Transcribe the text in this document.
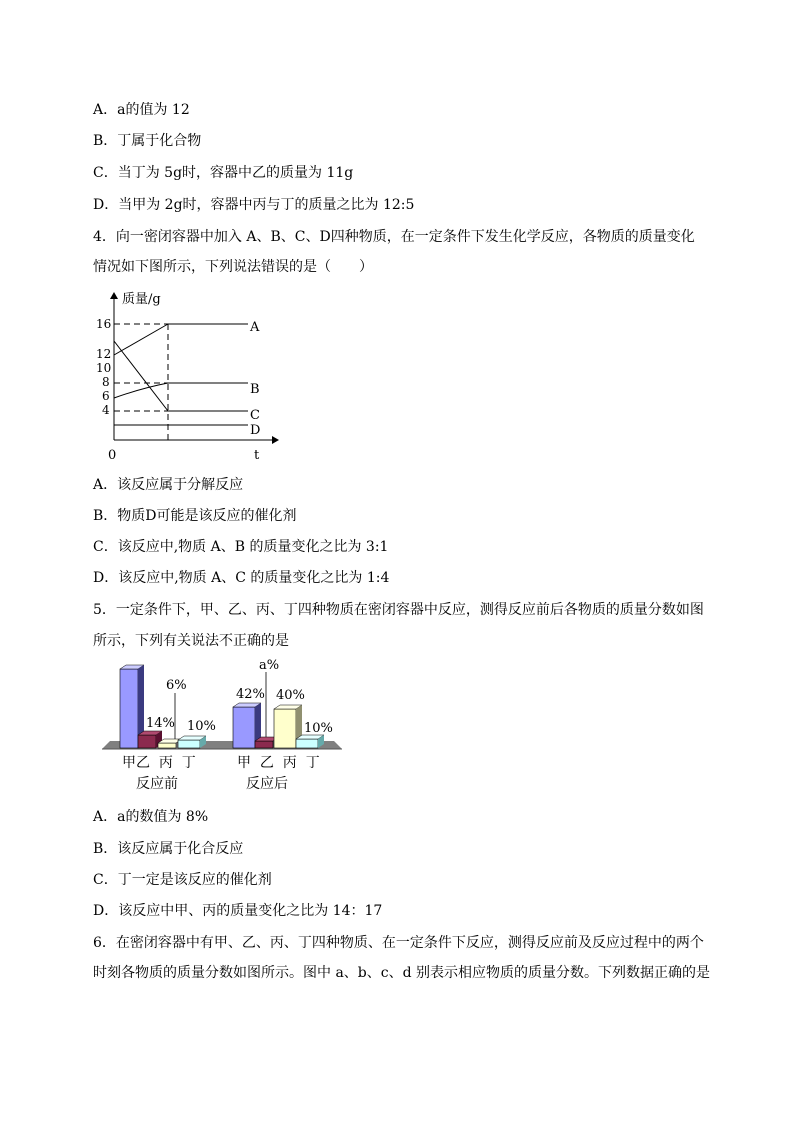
A．a的值为 12
B．丁属于化合物
C．当丁为 5g时，容器中乙的质量为 11g
D．当甲为 2g时，容器中丙与丁的质量之比为 12:5
4．向一密闭容器中加入 A、B、C、D四种物质，在一定条件下发生化学反应，各物质的质量变化
情况如下图所示，下列说法错误的是（　　）
质量/g
t
0
16
12
10
8
6
4
A
B
C
D
A．该反应属于分解反应
B．物质D可能是该反应的催化剂
C．该反应中,物质 A、B 的质量变化之比为 3:1
D．该反应中,物质 A、C 的质量变化之比为 1:4
5．一定条件下，甲、乙、丙、丁四种物质在密闭容器中反应，测得反应前后各物质的质量分数如图
所示，下列有关说法不正确的是
14%
6%
10%
a%
42% 40%
10%
甲乙  丙  丁
反应前
甲  乙  丙  丁
反应后
A．a的数值为 8%
B．该反应属于化合反应
C．丁一定是该反应的催化剂
D．该反应中甲、丙的质量变化之比为 14：17
6．在密闭容器中有甲、乙、丙、丁四种物质、在一定条件下反应，测得反应前及反应过程中的两个
时刻各物质的质量分数如图所示。图中 a、b、c、d 别表示相应物质的质量分数。下列数据正确的是
